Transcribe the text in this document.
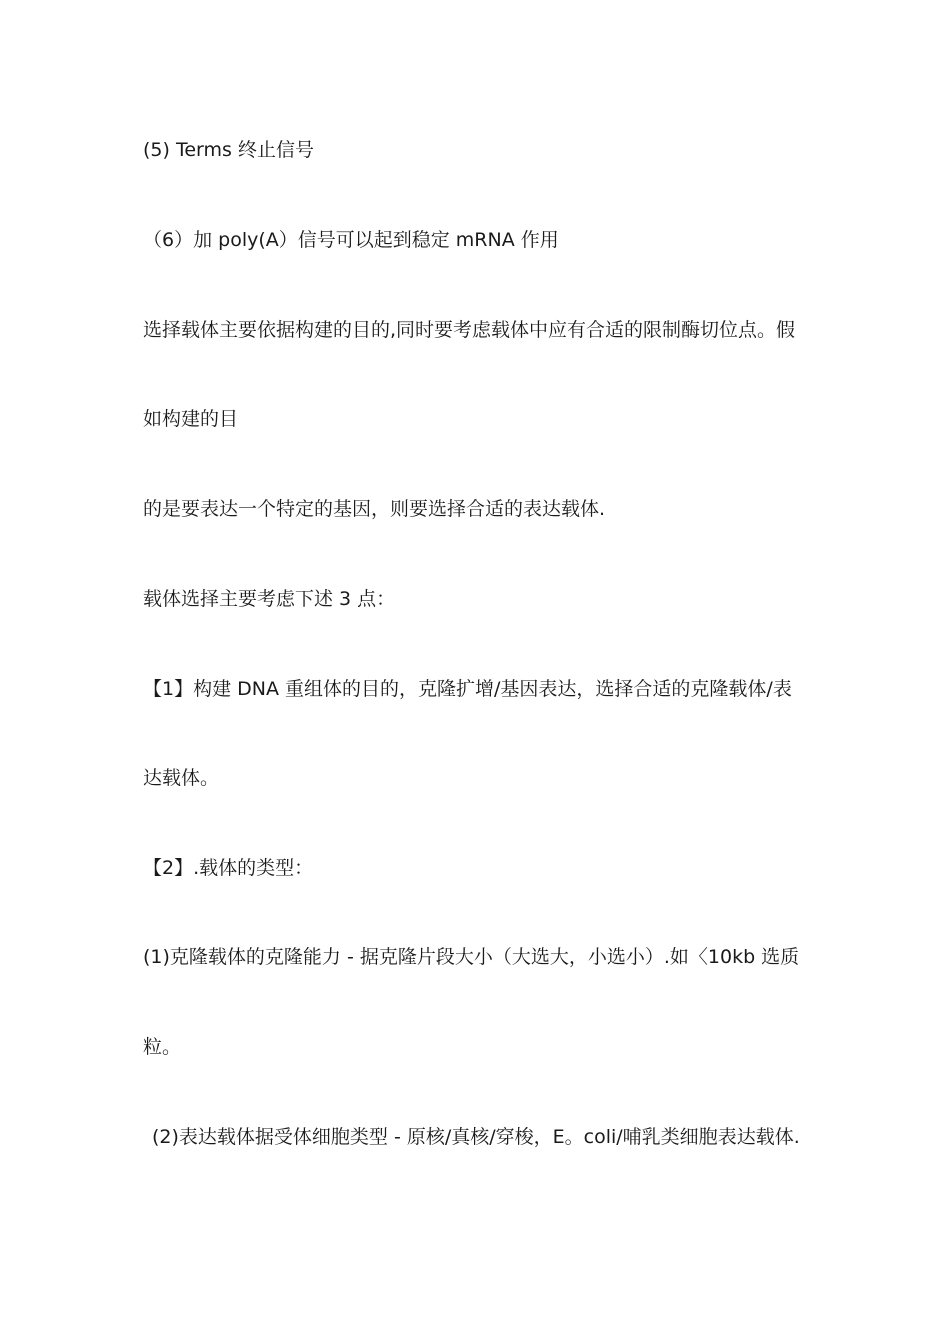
(5) Terms 终止信号
（6）加 poly(A）信号可以起到稳定 mRNA 作用
选择载体主要依据构建的目的,同时要考虑载体中应有合适的限制酶切位点。假
如构建的目
的是要表达一个特定的基因，则要选择合适的表达载体.
载体选择主要考虑下述 3 点：
【1】构建 DNA 重组体的目的，克隆扩增/基因表达，选择合适的克隆载体/表
达载体。
【2】.载体的类型：
(1)克隆载体的克隆能力 - 据克隆片段大小（大选大，小选小）.如〈10kb 选质
粒。
(2)表达载体据受体细胞类型 - 原核/真核/穿梭，E。coli/哺乳类细胞表达载体.
